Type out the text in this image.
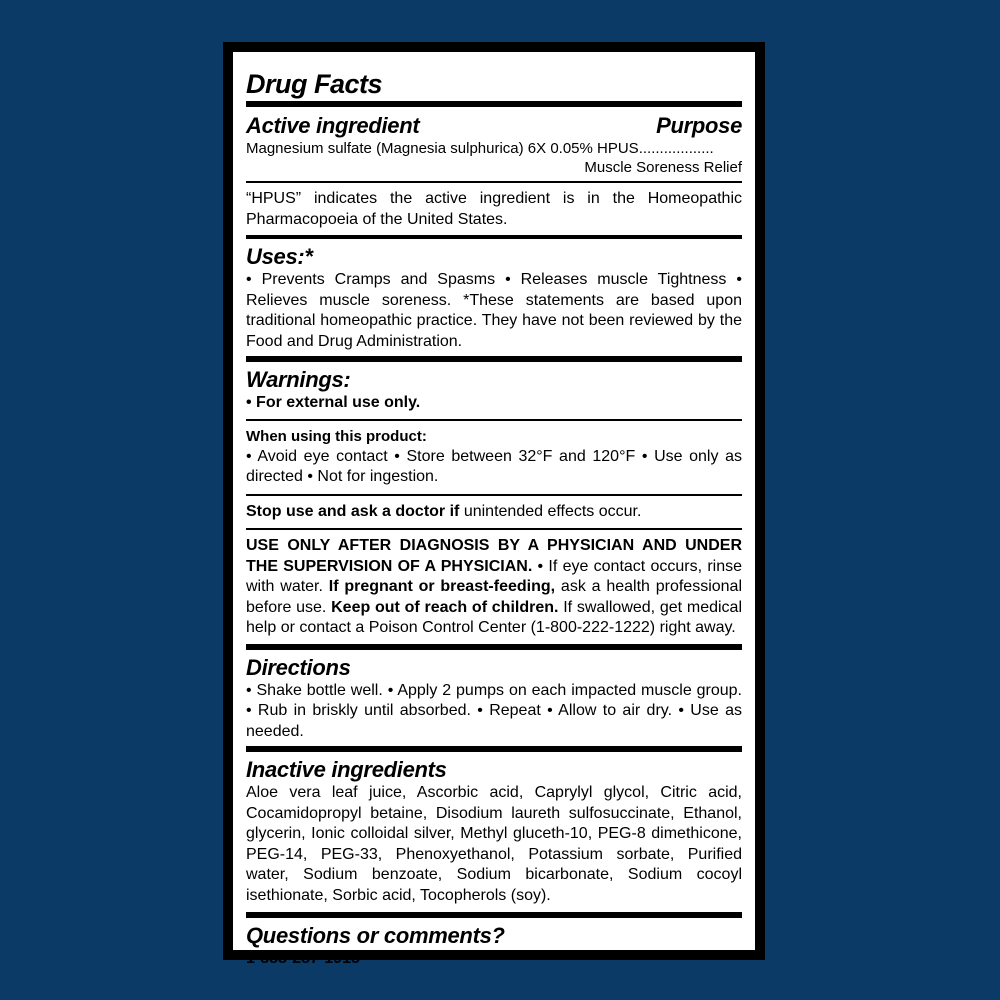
Drug Facts
Active ingredient	Purpose

Magnesium sulfate (Magnesia sulphurica) 6X 0.05% HPUS..................

Muscle Soreness Relief

“HPUS” indicates the active ingredient is in the Homeopathic Pharmacopoeia of the United States.

Uses:*

• Prevents Cramps and Spasms • Releases muscle Tightness • Relieves muscle soreness. *These statements are based upon traditional homeopathic practice. They have not been reviewed by the Food and Drug Administration.

Warnings:

• For external use only.

When using this product:

• Avoid eye contact • Store between 32°F and 120°F • Use only as directed • Not for ingestion.

Stop use and ask a doctor if unintended effects occur.

USE ONLY AFTER DIAGNOSIS BY A PHYSICIAN AND UNDER THE SUPERVISION OF A PHYSICIAN. • If eye contact occurs, rinse with water. If pregnant or breast-feeding, ask a health professional before use. Keep out of reach of children. If swallowed, get medical help or contact a Poison Control Center (1-800-222-1222) right away.

Directions

• Shake bottle well. • Apply 2 pumps on each impacted muscle group. • Rub in briskly until absorbed. • Repeat • Allow to air dry. • Use as needed.

Inactive ingredients

Aloe vera leaf juice, Ascorbic acid, Caprylyl glycol, Citric acid, Cocamidopropyl betaine, Disodium laureth sulfosuccinate, Ethanol, glycerin, Ionic colloidal silver, Methyl gluceth-10, PEG-8 dimethicone, PEG-14, PEG-33, Phenoxyethanol, Potassium sorbate, Purified water, Sodium benzoate, Sodium bicarbonate, Sodium cocoyl isethionate, Sorbic acid, Tocopherols (soy).

Questions or comments?

1-888-287-1915
